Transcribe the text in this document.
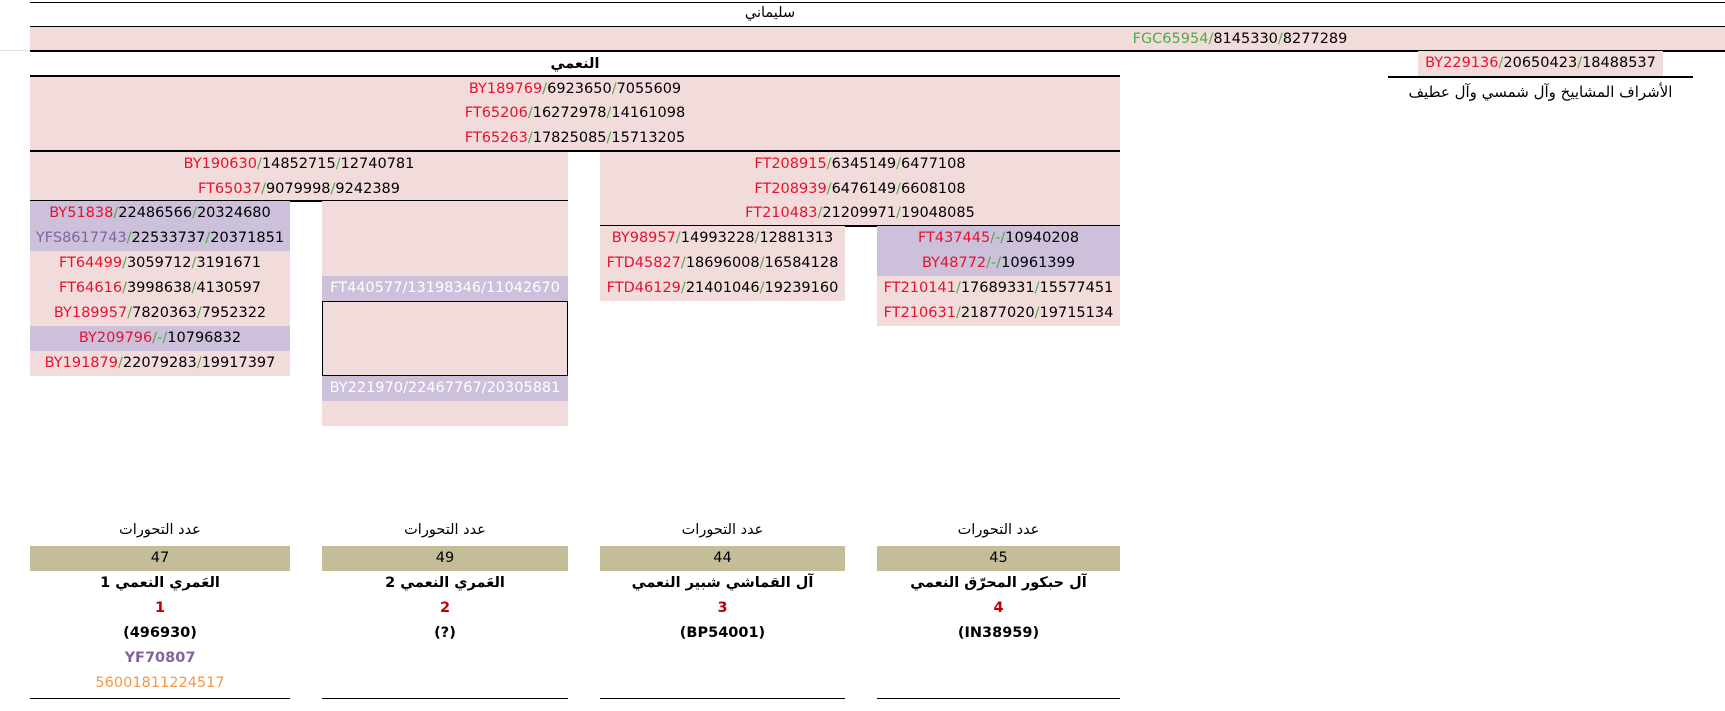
سليماني
FGC65954/8145330/8277289
BY229136/20650423/18488537
الأشراف المشاييخ وآل شمسي وآل عطيف
النعمي
BY189769/6923650/7055609
FT65206/16272978/14161098
FT65263/17825085/15713205
BY190630/14852715/12740781
FT65037/9079998/9242389
FT208915/6345149/6477108
FT208939/6476149/6608108
FT210483/21209971/19048085
BY51838/22486566/20324680
YFS8617743/22533737/20371851
FT64499/3059712/3191671
FT64616/3998638/4130597
BY189957/7820363/7952322
BY209796/-/10796832
BY191879/22079283/19917397
FT440577/13198346/11042670
BY221970/22467767/20305881
BY98957/14993228/12881313
FTD45827/18696008/16584128
FTD46129/21401046/19239160
FT437445/-/10940208
BY48772/-/10961399
FT210141/17689331/15577451
FT210631/21877020/19715134
عدد التحورات
47
العَمري النعمي 1
1
(496930)
YF70807
56001811224517
عدد التحورات
49
العَمري النعمي 2
2
(?)
عدد التحورات
44
آل القماشي شبير النعمي
3
(BP54001)
عدد التحورات
45
آل حبكور المحرّق النعمي
4
(IN38959)
